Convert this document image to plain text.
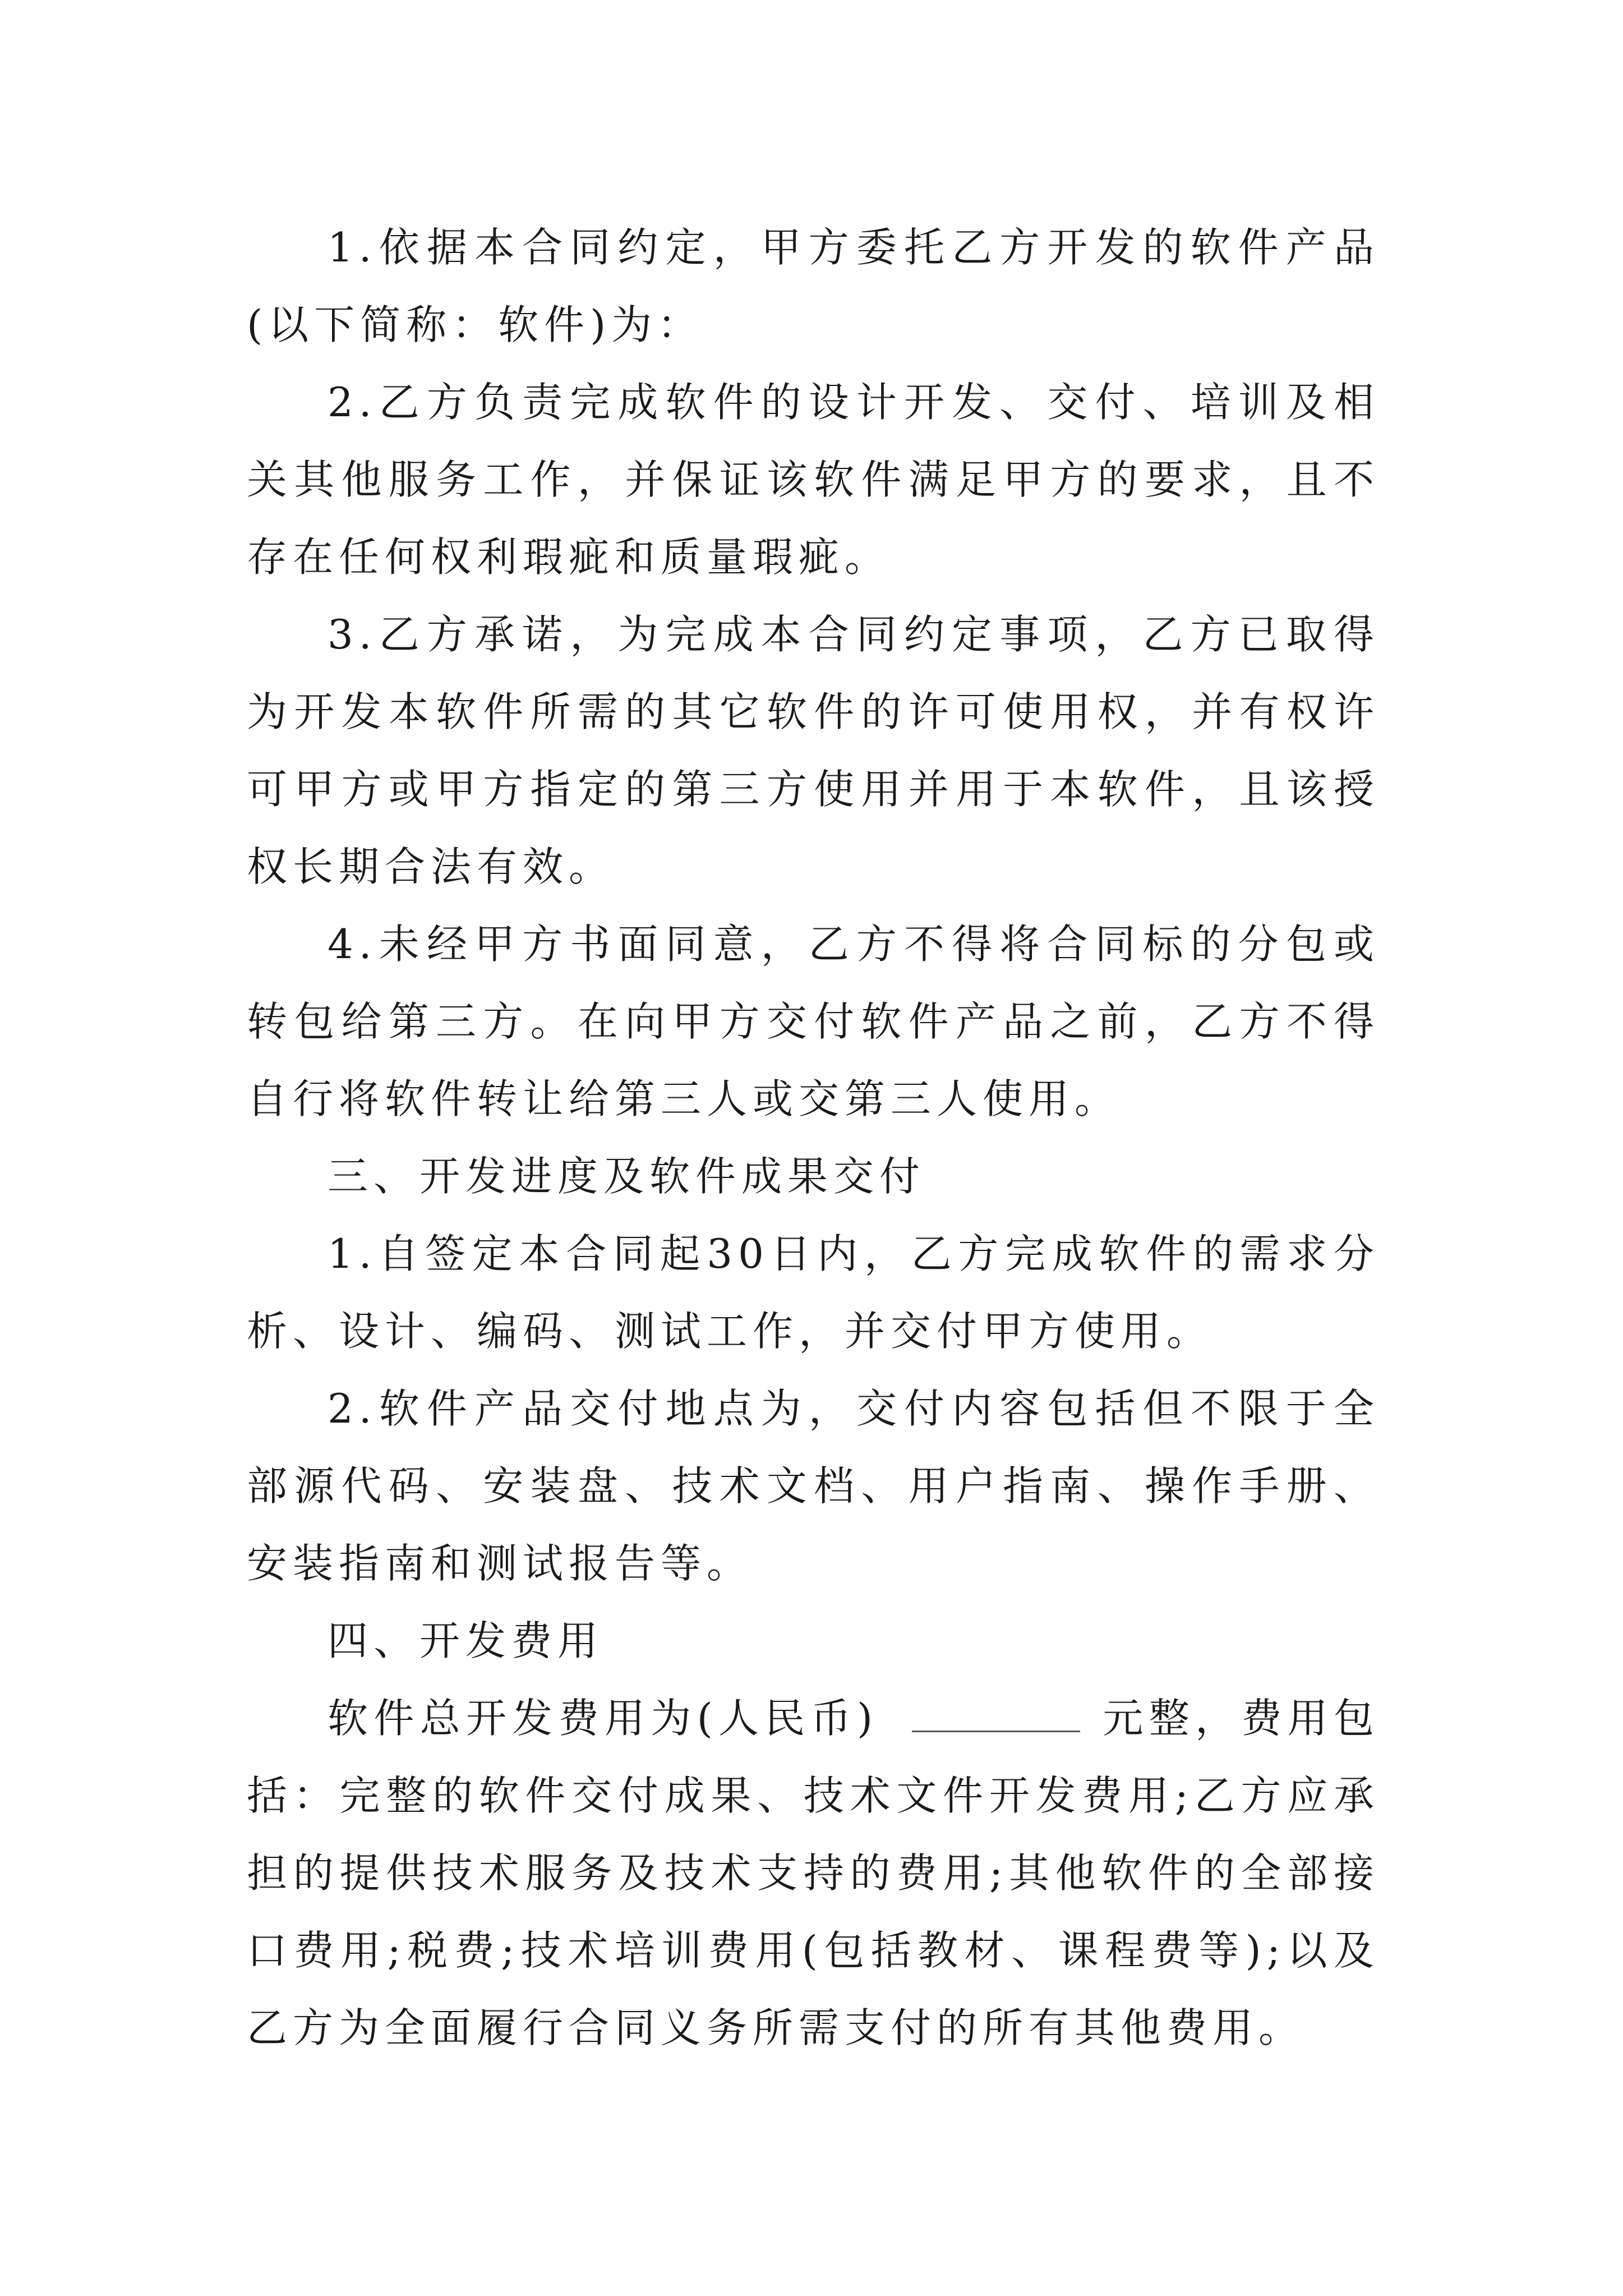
1.依据本合同约定，甲方委托乙方开发的软件产品(以下简称：软件)为：

2.乙方负责完成软件的设计开发、交付、培训及相关其他服务工作，并保证该软件满足甲方的要求，且不存在任何权利瑕疵和质量瑕疵。

3.乙方承诺，为完成本合同约定事项，乙方已取得为开发本软件所需的其它软件的许可使用权，并有权许可甲方或甲方指定的第三方使用并用于本软件，且该授权长期合法有效。

4.未经甲方书面同意，乙方不得将合同标的分包或转包给第三方。在向甲方交付软件产品之前，乙方不得自行将软件转让给第三人或交第三人使用。

三、开发进度及软件成果交付

1.自签定本合同起30日内，乙方完成软件的需求分析、设计、编码、测试工作，并交付甲方使用。

2.软件产品交付地点为，交付内容包括但不限于全部源代码、安装盘、技术文档、用户指南、操作手册、安装指南和测试报告等。

四、开发费用

软件总开发费用为(人民币)	元整，费用包括：完整的软件交付成果、技术文件开发费用;乙方应承担的提供技术服务及技术支持的费用;其他软件的全部接口费用;税费;技术培训费用(包括教材、课程费等);以及乙方为全面履行合同义务所需支付的所有其他费用。
